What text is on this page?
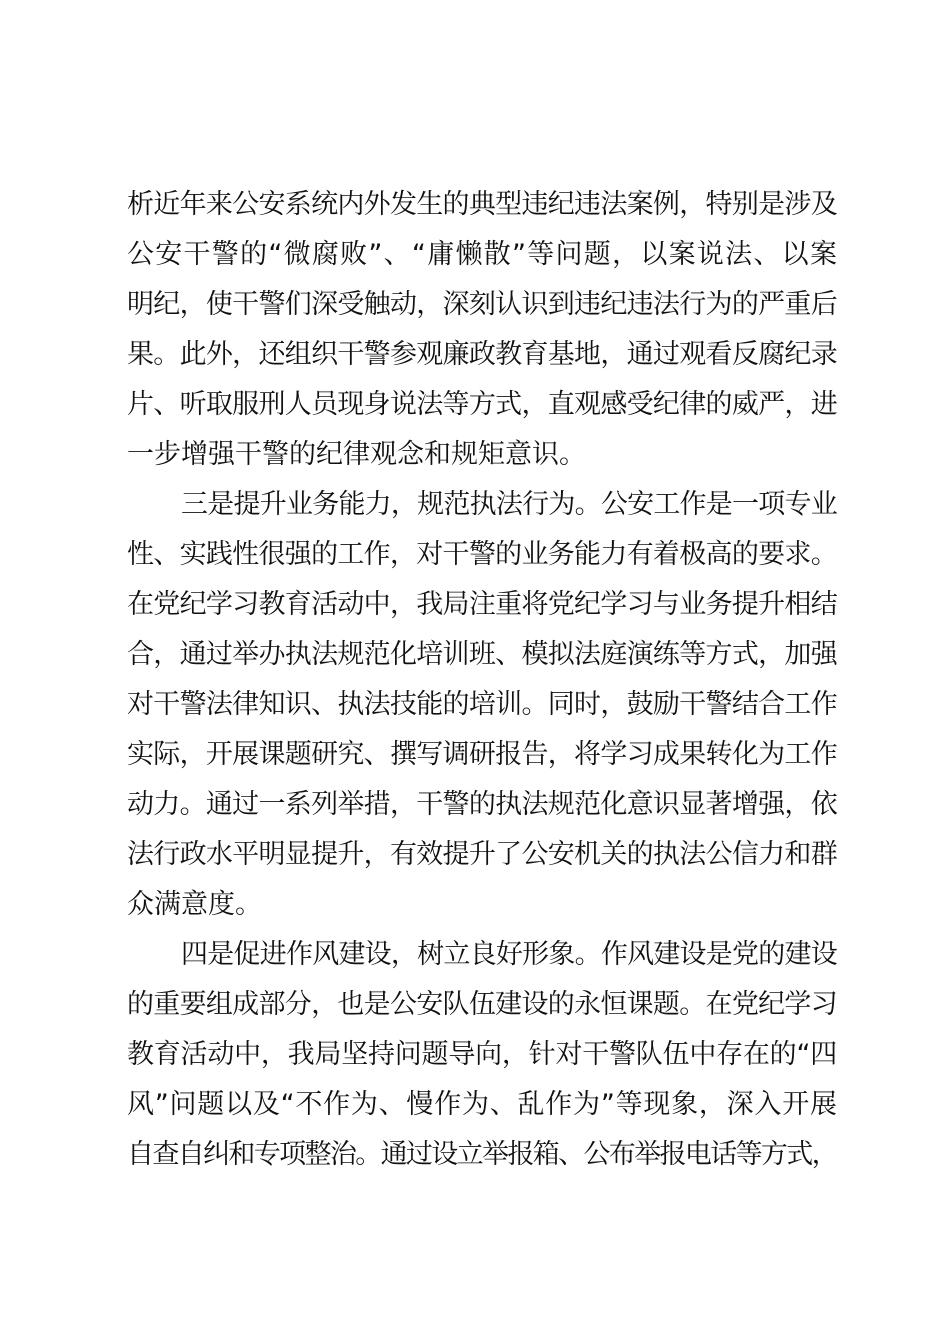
析近年来公安系统内外发生的典型违纪违法案例，特别是涉及
公安干警的“微腐败”、“庸懒散”等问题，以案说法、以案
明纪，使干警们深受触动，深刻认识到违纪违法行为的严重后
果。此外，还组织干警参观廉政教育基地，通过观看反腐纪录
片、听取服刑人员现身说法等方式，直观感受纪律的威严，进
一步增强干警的纪律观念和规矩意识。
三是提升业务能力，规范执法行为。公安工作是一项专业
性、实践性很强的工作，对干警的业务能力有着极高的要求。
在党纪学习教育活动中，我局注重将党纪学习与业务提升相结
合，通过举办执法规范化培训班、模拟法庭演练等方式，加强
对干警法律知识、执法技能的培训。同时，鼓励干警结合工作
实际，开展课题研究、撰写调研报告，将学习成果转化为工作
动力。通过一系列举措，干警的执法规范化意识显著增强，依
法行政水平明显提升，有效提升了公安机关的执法公信力和群
众满意度。
四是促进作风建设，树立良好形象。作风建设是党的建设
的重要组成部分，也是公安队伍建设的永恒课题。在党纪学习
教育活动中，我局坚持问题导向，针对干警队伍中存在的“四
风”问题以及“不作为、慢作为、乱作为”等现象，深入开展
自查自纠和专项整治。通过设立举报箱、公布举报电话等方式，
